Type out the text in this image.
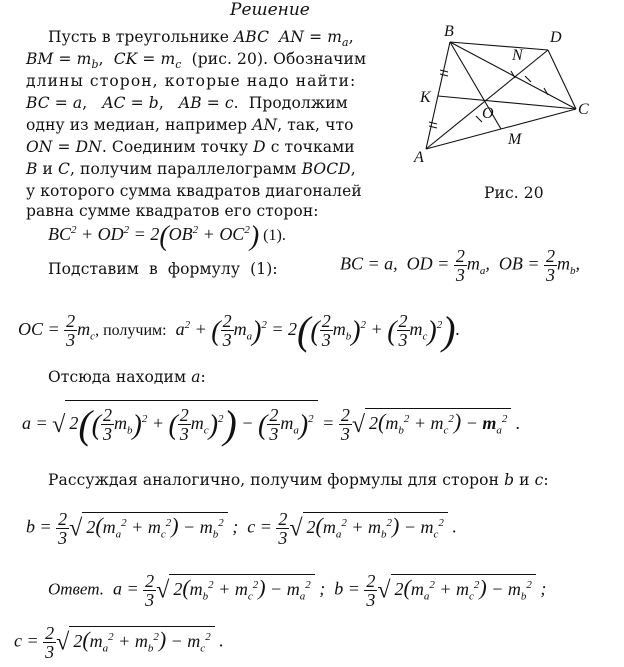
Решение
Пусть в треугольнике ABC AN = $m_a$,
BM = $m_b$,  CK = $m_c$  (рис. 20). Обозначим
длины сторон, которые надо найти:
BC = a,   AC = b,   AB = c.  Продолжим
одну из медиан, например AN, так, что
ON = DN. Соединим точку D с точками
B и C, получим параллелограмм BOCD,
у которого сумма квадратов диагоналей
равна сумме квадратов его сторон:
$BC^2 + OD^2 = 2(OB^2 + OC^2)$ (1).
B	D
N
K
C
O
M
A
Рис. 20
Подставим  в  формулу  (1):	BC = a,  OD = $\frac{2}{3} m_a$,  OB = $\frac{2}{3} m_b$,
OC = $\frac{2}{3} m_c$, получим: $a^2$ + ( $\frac{2}{3} m_a)^2 = 2(( \frac{2}{3} m_b)^2$ + ( $\frac{2}{3} m_c)^2$).
Отсюда находим a:
a = √ $2(( \frac{2}{3} m_b)^2$ + ( $\frac{2}{3} m_c)^2$) − ( $\frac{2}{3} m_a)^2 = \frac{2}{3}$ √ $2(m_b^2 + m_c^2) - m_a^2$ .
Рассуждая аналогично, получим формулы для сторон b и c:
$b = \frac{2}{3}$ √ $2(m_a^2 + m_c^2) - m_b^2$ ;  $c = \frac{2}{3}$ √ $2(m_a^2 + m_b^2) - m_c^2$ .
Ответ. $a = \frac{2}{3}$ √ $2(m_b^2 + m_c^2) - m_a^2$ ;  $b = \frac{2}{3}$ √ $2(m_a^2 + m_c^2) - m_b^2$ ;
$c = \frac{2}{3}$ √ $2(m_a^2 + m_b^2) - m_c^2$ .
